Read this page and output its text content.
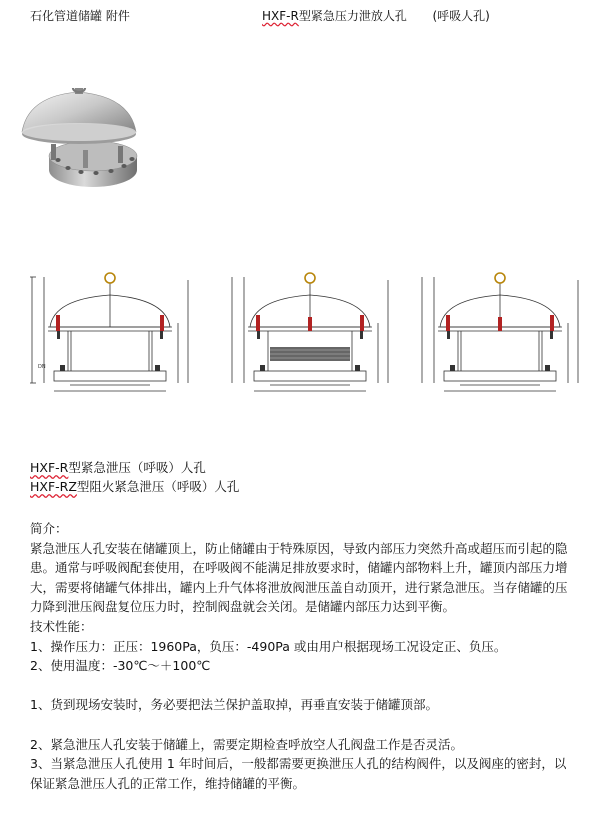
石化管道储罐 附件	HXF-R型紧急压力泄放人孔 (呼吸人孔)
DN
HXF-R型紧急泄压（呼吸）人孔
HXF-RZ型阻火紧急泄压（呼吸）人孔

简介：

紧急泄压人孔安装在储罐顶上，防止储罐由于特殊原因，导致内部压力突然升高或超压而引起的隐患。通常与呼吸阀配套使用，在呼吸阀不能满足排放要求时，储罐内部物料上升，罐顶内部压力增大，需要将储罐气体排出，罐内上升气体将泄放阀泄压盖自动顶开，进行紧急泄压。当存储罐的压力降到泄压阀盘复位压力时，控制阀盘就会关闭。是储罐内部压力达到平衡。

技术性能：

1、操作压力：正压：1960Pa，负压：-490Pa 或由用户根据现场工况设定正、负压。

2、使用温度：-30℃～＋100℃

1、货到现场安装时，务必要把法兰保护盖取掉，再垂直安装于储罐顶部。

2、紧急泄压人孔安装于储罐上，需要定期检查呼放空人孔阀盘工作是否灵活。

3、当紧急泄压人孔使用 1 年时间后，一般都需要更换泄压人孔的结构阀件，以及阀座的密封，以保证紧急泄压人孔的正常工作，维持储罐的平衡。
